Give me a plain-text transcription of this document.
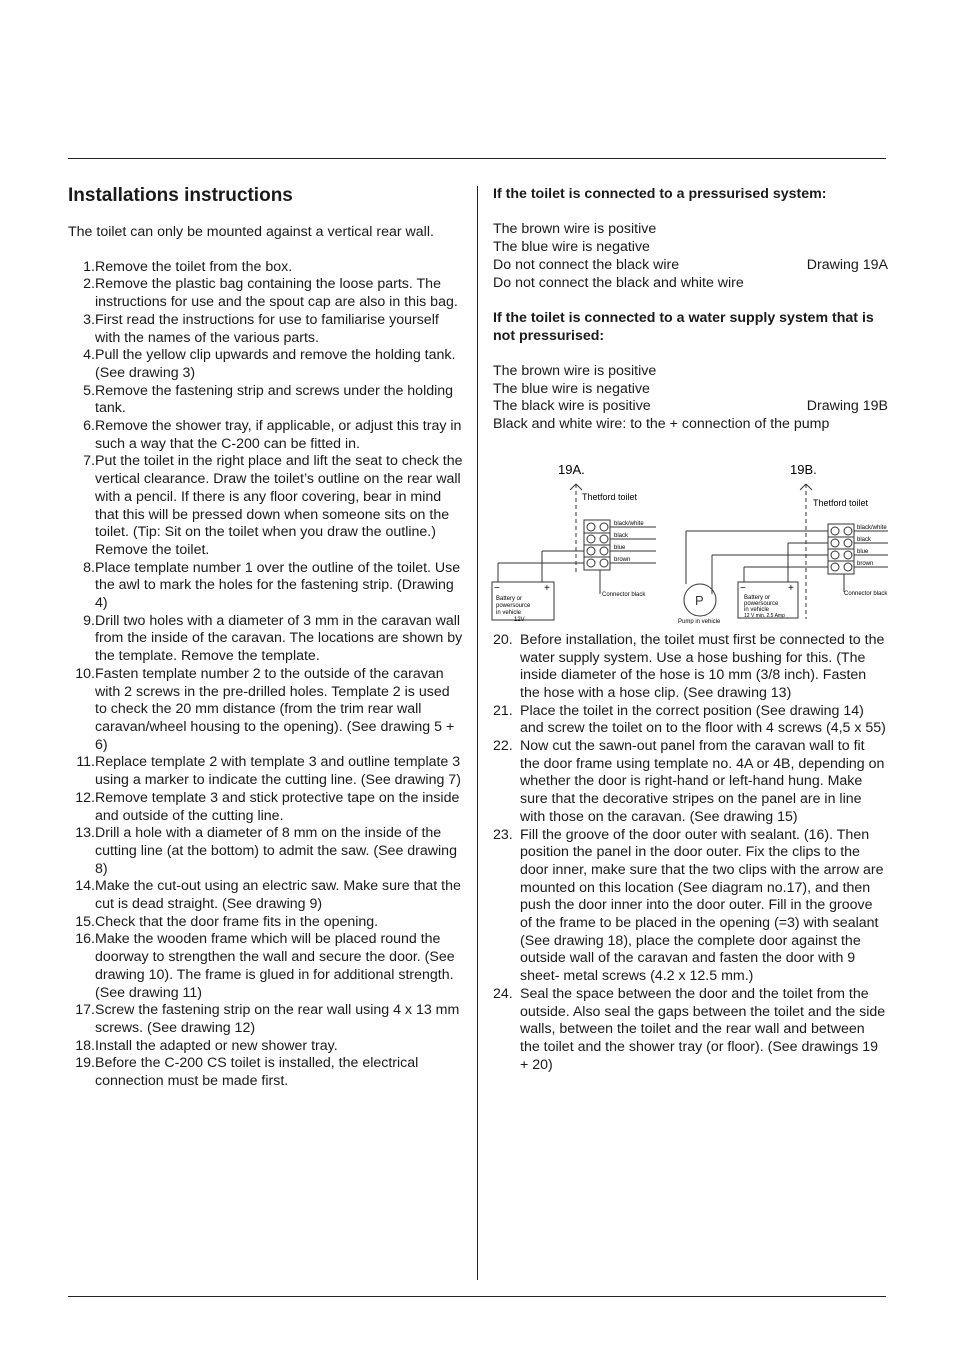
Installations instructions
The toilet can only be mounted against a vertical rear wall.
1. Remove the toilet from the box.
2. Remove the plastic bag containing the loose parts. The instructions for use and the spout cap are also in this bag.
3. First read the instructions for use to familiarise yourself with the names of the various parts.
4. Pull the yellow clip upwards and remove the holding tank. (See drawing 3)
5. Remove the fastening strip and screws under the holding tank.
6. Remove the shower tray, if applicable, or adjust this tray in such a way that the C-200 can be fitted in.
7. Put the toilet in the right place and lift the seat to check the vertical clearance. Draw the toilet’s outline on the rear wall with a pencil. If there is any floor covering, bear in mind that this will be pressed down when someone sits on the toilet. (Tip: Sit on the toilet when you draw the outline.) Remove the toilet.
8. Place template number 1 over the outline of the toilet. Use the awl to mark the holes for the fastening strip. (Drawing 4)
9. Drill two holes with a diameter of 3 mm in the caravan wall from the inside of the caravan. The locations are shown by the template. Remove the template.
10. Fasten template number 2 to the outside of the caravan with 2 screws in the pre-drilled holes. Template 2 is used to check the 20 mm distance (from the trim rear wall caravan/wheel housing to the opening). (See drawing 5 + 6)
11. Replace template 2 with template 3 and outline template 3 using a marker to indicate the cutting line. (See drawing 7)
12. Remove template 3 and stick protective tape on the inside and outside of the cutting line.
13. Drill a hole with a diameter of 8 mm on the inside of the cutting line (at the bottom) to admit the saw. (See drawing 8)
14. Make the cut-out using an electric saw. Make sure that the cut is dead straight. (See drawing 9)
15. Check that the door frame fits in the opening.
16. Make the wooden frame which will be placed round the doorway to strengthen the wall and secure the door. (See drawing 10). The frame is glued in for additional strength. (See drawing 11)
17. Screw the fastening strip on the rear wall using 4 x 13 mm screws. (See drawing 12)
18. Install the adapted or new shower tray.
19. Before the C-200 CS toilet is installed, the electrical connection must be made first.
If the toilet is connected to a pressurised system:
The brown wire is positive
The blue wire is negative
Do not connect the black wire	Drawing 19A
Do not connect the black and white wire
If the toilet is connected to a water supply system that is not pressurised:
The brown wire is positive
The blue wire is negative
The black wire is positive	Drawing 19B
Black and white wire: to the + connection of the pump
19A.	19B.
Thetford toilet
black/white
black
blue
brown
Connector black
−	+
Battery or
powersource
in vehicle
12V
Thetford toilet
black/white
black
blue
brown
Connector black
P
Pump in vehicle
−	+
Battery or
powersource
in vehicle
12 V min. 2,5 Amp
20. Before installation, the toilet must first be connected to the water supply system. Use a hose bushing for this. (The inside diameter of the hose is 10 mm (3/8 inch). Fasten the hose with a hose clip. (See drawing 13)
21. Place the toilet in the correct position (See drawing 14) and screw the toilet on to the floor with 4 screws (4,5 x 55)
22. Now cut the sawn-out panel from the caravan wall to fit the door frame using template no. 4A or 4B, depending on whether the door is right-hand or left-hand hung. Make sure that the decorative stripes on the panel are in line with those on the caravan. (See drawing 15)
23. Fill the groove of the door outer with sealant. (16). Then position the panel in the door outer. Fix the clips to the door inner, make sure that the two clips with the arrow are mounted on this location (See diagram no.17), and then push the door inner into the door outer. Fill in the groove of the frame to be placed in the opening (=3) with sealant (See drawing 18), place the complete door against the outside wall of the caravan and fasten the door with 9 sheet- metal screws (4.2 x 12.5 mm.)
24. Seal the space between the door and the toilet from the outside. Also seal the gaps between the toilet and the side walls, between the toilet and the rear wall and between the toilet and the shower tray (or floor). (See drawings 19 + 20)
